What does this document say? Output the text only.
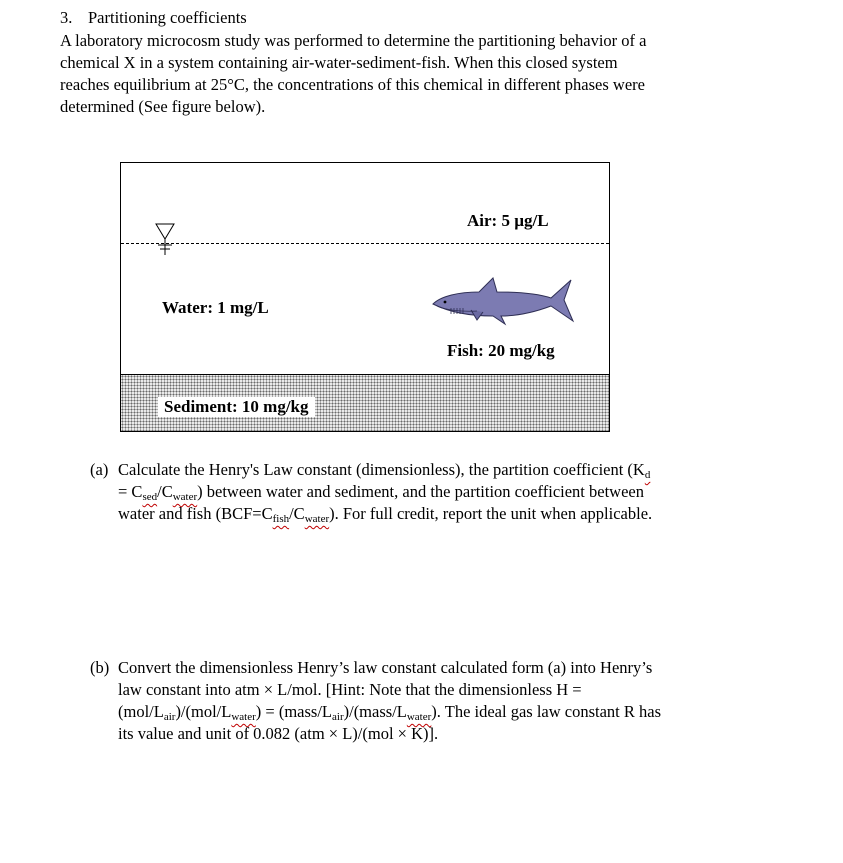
3. Partitioning coefficients

A laboratory microcosm study was performed to determine the partitioning behavior of a

chemical X in a system containing air-water-sediment-fish. When this closed system

reaches equilibrium at 25°C, the concentrations of this chemical in different phases were

determined (See figure below).

Air: 5 µg/L
Water: 1 mg/L
Fish: 20 mg/kg
Sediment: 10 mg/kg
(a) Calculate the Henry's Law constant (dimensionless), the partition coefficient ($K_d$
= $C_{sed}/C_{water}$) between water and sediment, and the partition coefficient between
water and fish $(BCF=C_{fish}/C_{water})$. For full credit, report the unit when applicable.
(b) Convert the dimensionless Henry’s law constant calculated form (a) into Henry’s
law constant into atm × L/mol. [Hint: Note that the dimensionless H =
$(mol/L_{air})/(mol/L_{water})$ = $(mass/L_{air})/(mass/L_{water})$. The ideal gas law constant R has
its value and unit of 0.082 (atm × L)/(mol × K)].
